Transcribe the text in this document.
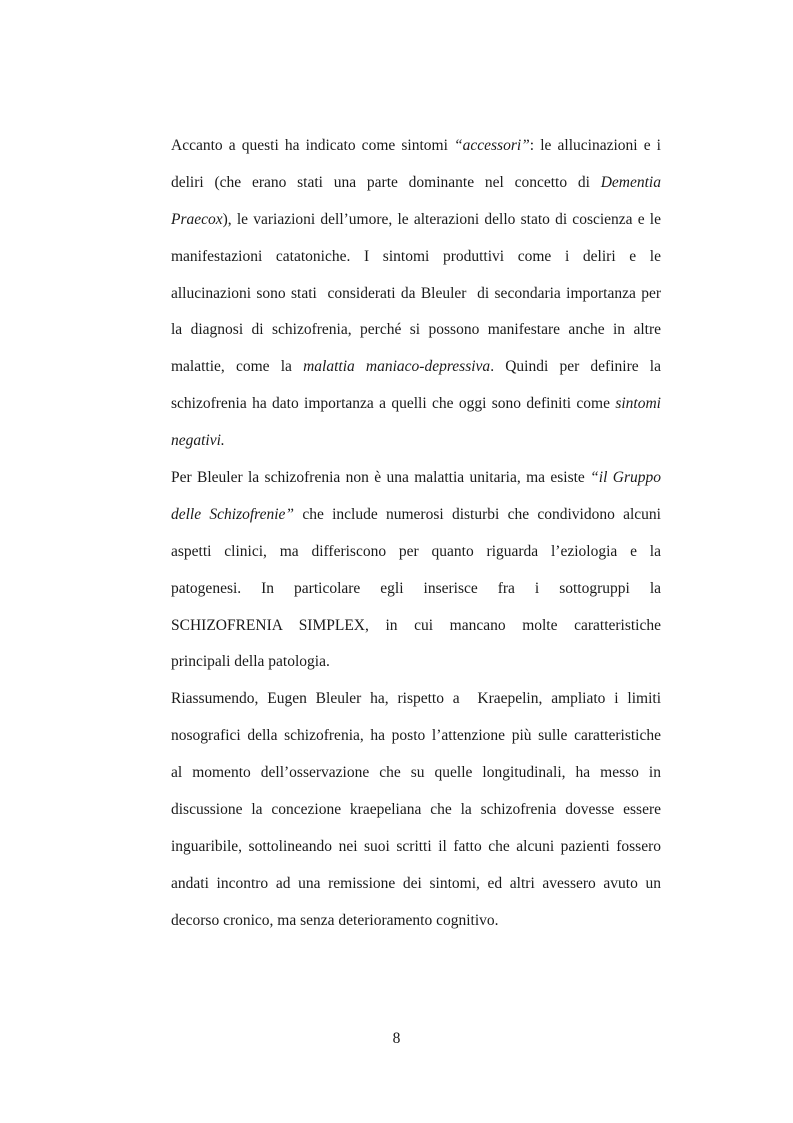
Accanto a questi ha indicato come sintomi “accessori”: le allucinazioni e i
deliri (che erano stati una parte dominante nel concetto di Dementia
Praecox), le variazioni dell’umore, le alterazioni dello stato di coscienza e le
manifestazioni catatoniche. I sintomi produttivi come i deliri e le
allucinazioni sono stati  considerati da Bleuler  di secondaria importanza per
la diagnosi di schizofrenia, perché si possono manifestare anche in altre
malattie, come la malattia maniaco-depressiva. Quindi per definire la
schizofrenia ha dato importanza a quelli che oggi sono definiti come sintomi
negativi.
Per Bleuler la schizofrenia non è una malattia unitaria, ma esiste “il Gruppo
delle Schizofrenie” che include numerosi disturbi che condividono alcuni
aspetti clinici, ma differiscono per quanto riguarda l’eziologia e la
patogenesi. In particolare egli inserisce fra i sottogruppi la
SCHIZOFRENIA SIMPLEX, in cui mancano molte caratteristiche
principali della patologia.
Riassumendo, Eugen Bleuler ha, rispetto a  Kraepelin, ampliato i limiti
nosografici della schizofrenia, ha posto l’attenzione più sulle caratteristiche
al momento dell’osservazione che su quelle longitudinali, ha messo in
discussione la concezione kraepeliana che la schizofrenia dovesse essere
inguaribile, sottolineando nei suoi scritti il fatto che alcuni pazienti fossero
andati incontro ad una remissione dei sintomi, ed altri avessero avuto un
decorso cronico, ma senza deterioramento cognitivo.
8
